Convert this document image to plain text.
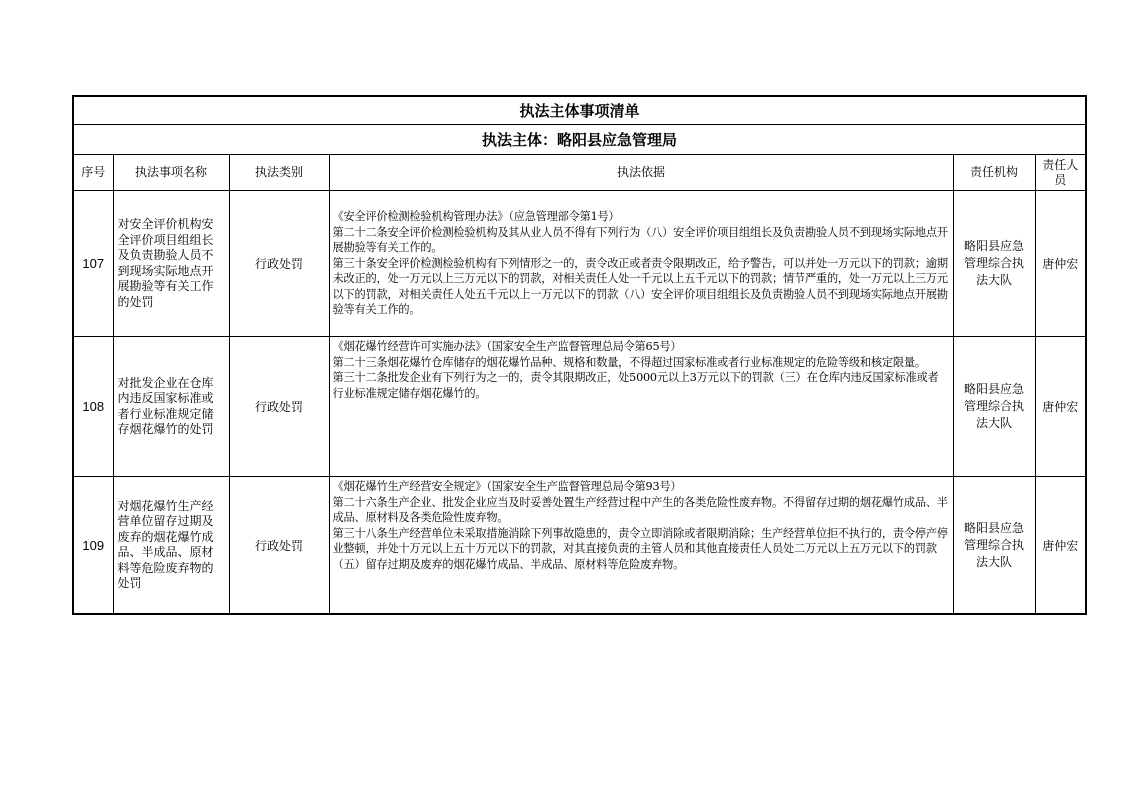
执法主体事项清单					
执法主体：略阳县应急管理局					
序号	执法事项名称	执法类别	执法依据	责任机构	责任人员
107	对安全评价机构安全评价项目组组长及负责勘验人员不到现场实际地点开展勘验等有关工作的处罚	行政处罚	《安全评价检测检验机构管理办法》（应急管理部令第1号）

第二十二条安全评价检测检验机构及其从业人员不得有下列行为（八）安全评价项目组组长及负责勘验人员不到现场实际地点开展勘验等有关工作的。

第三十条安全评价检测检验机构有下列情形之一的，责令改正或者责令限期改正，给予警告，可以并处一万元以下的罚款；逾期未改正的，处一万元以上三万元以下的罚款，对相关责任人处一千元以上五千元以下的罚款；情节严重的，处一万元以上三万元以下的罚款，对相关责任人处五千元以上一万元以下的罚款（八）安全评价项目组组长及负责勘验人员不到现场实际地点开展勘验等有关工作的。	略阳县应急管理综合执法大队	唐仲宏
108	对批发企业在仓库内违反国家标准或者行业标准规定储存烟花爆竹的处罚	行政处罚	《烟花爆竹经营许可实施办法》（国家安全生产监督管理总局令第65号）

第二十三条烟花爆竹仓库储存的烟花爆竹品种、规格和数量，不得超过国家标准或者行业标准规定的危险等级和核定限量。

第三十二条批发企业有下列行为之一的，责令其限期改正，处5000元以上3万元以下的罚款（三）在仓库内违反国家标准或者行业标准规定储存烟花爆竹的。	略阳县应急管理综合执法大队	唐仲宏
109	对烟花爆竹生产经营单位留存过期及废弃的烟花爆竹成品、半成品、原材料等危险废弃物的处罚	行政处罚	《烟花爆竹生产经营安全规定》（国家安全生产监督管理总局令第93号）

第二十六条生产企业、批发企业应当及时妥善处置生产经营过程中产生的各类危险性废弃物。不得留存过期的烟花爆竹成品、半成品、原材料及各类危险性废弃物。

第三十八条生产经营单位未采取措施消除下列事故隐患的，责令立即消除或者限期消除；生产经营单位拒不执行的，责令停产停业整顿，并处十万元以上五十万元以下的罚款，对其直接负责的主管人员和其他直接责任人员处二万元以上五万元以下的罚款（五）留存过期及废弃的烟花爆竹成品、半成品、原材料等危险废弃物。	略阳县应急管理综合执法大队	唐仲宏
